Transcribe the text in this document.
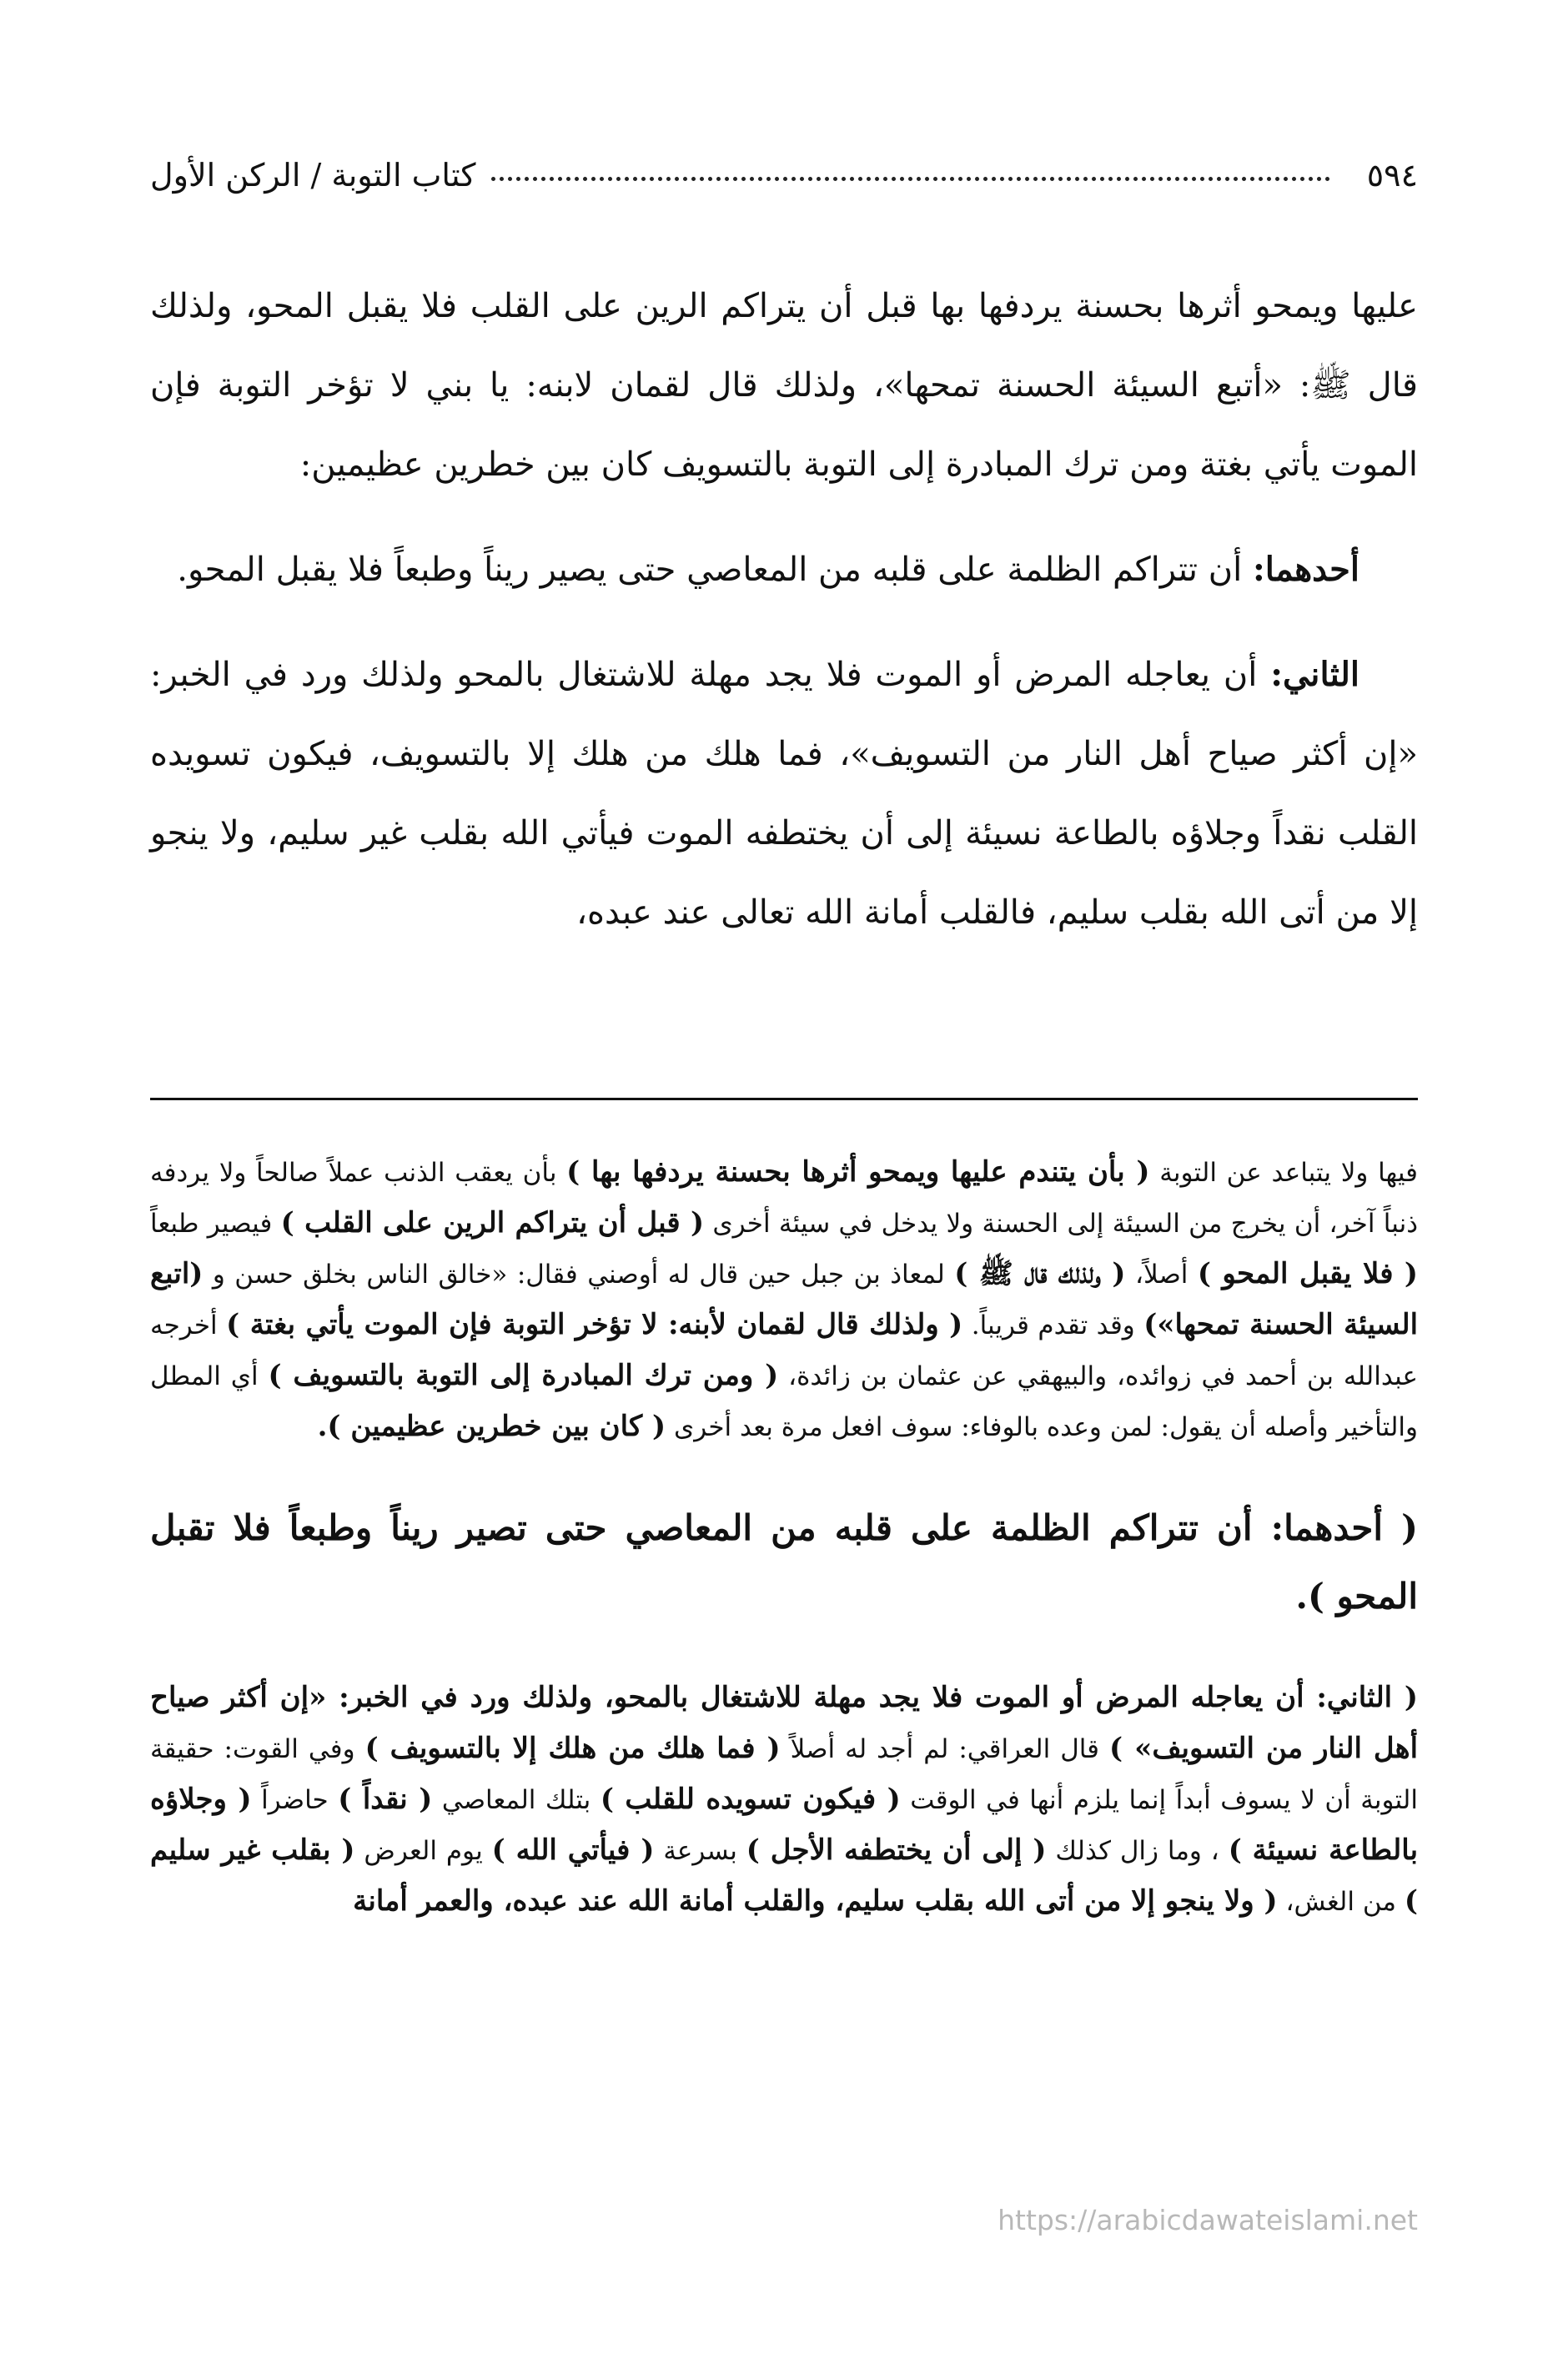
٥٩٤
كتاب التوبة / الركن الأول

عليها ويمحو أثرها بحسنة يردفها بها قبل أن يتراكم الرين على القلب فلا يقبل المحو، ولذلك قال ﷺ: «أتبع السيئة الحسنة تمحها»، ولذلك قال لقمان لابنه: يا بني لا تؤخر التوبة فإن الموت يأتي بغتة ومن ترك المبادرة إلى التوبة بالتسويف كان بين خطرين عظيمين:

أحدهما: أن تتراكم الظلمة على قلبه من المعاصي حتى يصير ريناً وطبعاً فلا يقبل المحو.

الثاني: أن يعاجله المرض أو الموت فلا يجد مهلة للاشتغال بالمحو ولذلك ورد في الخبر: «إن أكثر صياح أهل النار من التسويف»، فما هلك من هلك إلا بالتسويف، فيكون تسويده القلب نقداً وجلاؤه بالطاعة نسيئة إلى أن يختطفه الموت فيأتي الله بقلب غير سليم، ولا ينجو إلا من أتى الله بقلب سليم، فالقلب أمانة الله تعالى عند عبده،

فيها ولا يتباعد عن التوبة ( بأن يتندم عليها ويمحو أثرها بحسنة يردفها بها ) بأن يعقب الذنب عملاً صالحاً ولا يردفه ذنباً آخر، أن يخرج من السيئة إلى الحسنة ولا يدخل في سيئة أخرى ( قبل أن يتراكم الرين على القلب ) فيصير طبعاً ( فلا يقبل المحو ) أصلاً، ( ولذلك قال ﷺ ) لمعاذ بن جبل حين قال له أوصني فقال: «خالق الناس بخلق حسن و (اتبع السيئة الحسنة تمحها») وقد تقدم قريباً. ( ولذلك قال لقمان لأبنه: لا تؤخر التوبة فإن الموت يأتي بغتة ) أخرجه عبدالله بن أحمد في زوائده، والبيهقي عن عثمان بن زائدة، ( ومن ترك المبادرة إلى التوبة بالتسويف ) أي المطل والتأخير وأصله أن يقول: لمن وعده بالوفاء: سوف افعل مرة بعد أخرى ( كان بين خطرين عظيمين ).

( أحدهما: أن تتراكم الظلمة على قلبه من المعاصي حتى تصير ريناً وطبعاً فلا تقبل المحو ).

( الثاني: أن يعاجله المرض أو الموت فلا يجد مهلة للاشتغال بالمحو، ولذلك ورد في الخبر: «إن أكثر صياح أهل النار من التسويف» ) قال العراقي: لم أجد له أصلاً ( فما هلك من هلك إلا بالتسويف ) وفي القوت: حقيقة التوبة أن لا يسوف أبداً إنما يلزم أنها في الوقت ( فيكون تسويده للقلب ) بتلك المعاصي ( نقداً ) حاضراً ( وجلاؤه بالطاعة نسيئة ) ، وما زال كذلك ( إلى أن يختطفه الأجل ) بسرعة ( فيأتي الله ) يوم العرض ( بقلب غير سليم ) من الغش، ( ولا ينجو إلا من أتى الله بقلب سليم، والقلب أمانة الله عند عبده، والعمر أمانة

https://arabicdawateislami.net
